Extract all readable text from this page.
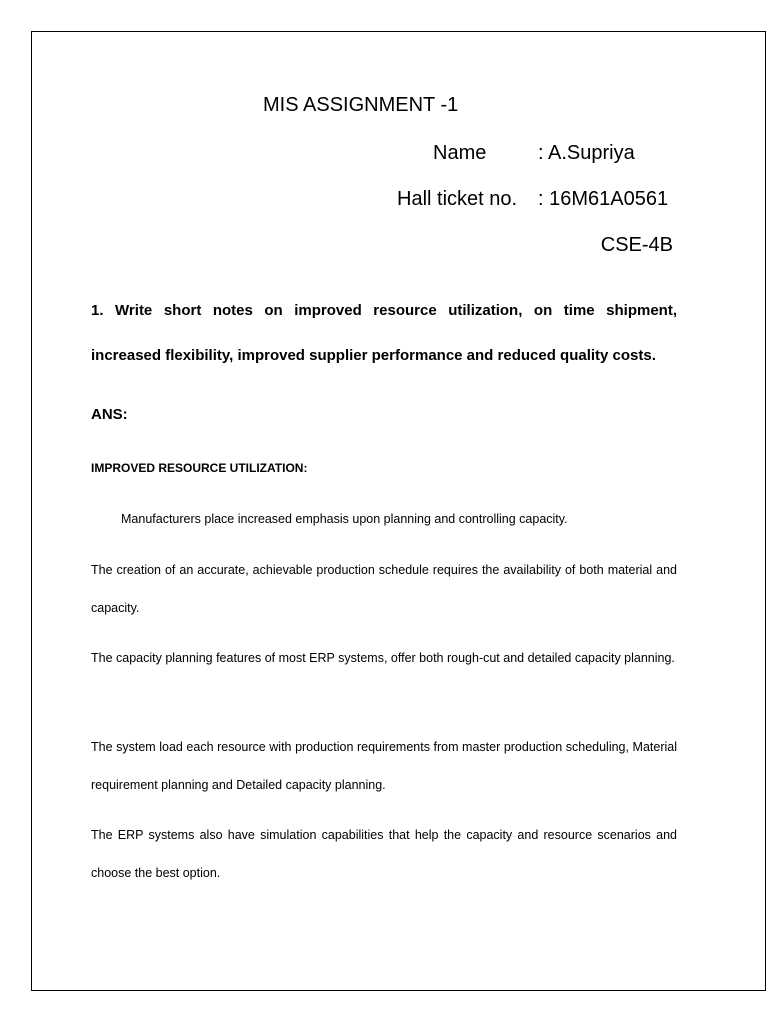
MIS ASSIGNMENT -1
Name	: A.Supriya
Hall ticket no. : 16M61A0561
CSE-4B

1. Write short notes on improved resource utilization, on time shipment, increased flexibility, improved supplier performance and reduced quality costs.

ANS:
IMPROVED RESOURCE UTILIZATION:

Manufacturers place increased emphasis upon planning and controlling capacity.

The creation of an accurate, achievable production schedule requires the availability of both material and capacity.

The capacity planning features of most ERP systems, offer both rough-cut and detailed capacity planning.

The system load each resource with production requirements from master production scheduling, Material requirement planning and Detailed capacity planning.

The ERP systems also have simulation capabilities that help the capacity and resource scenarios and choose the best option.
